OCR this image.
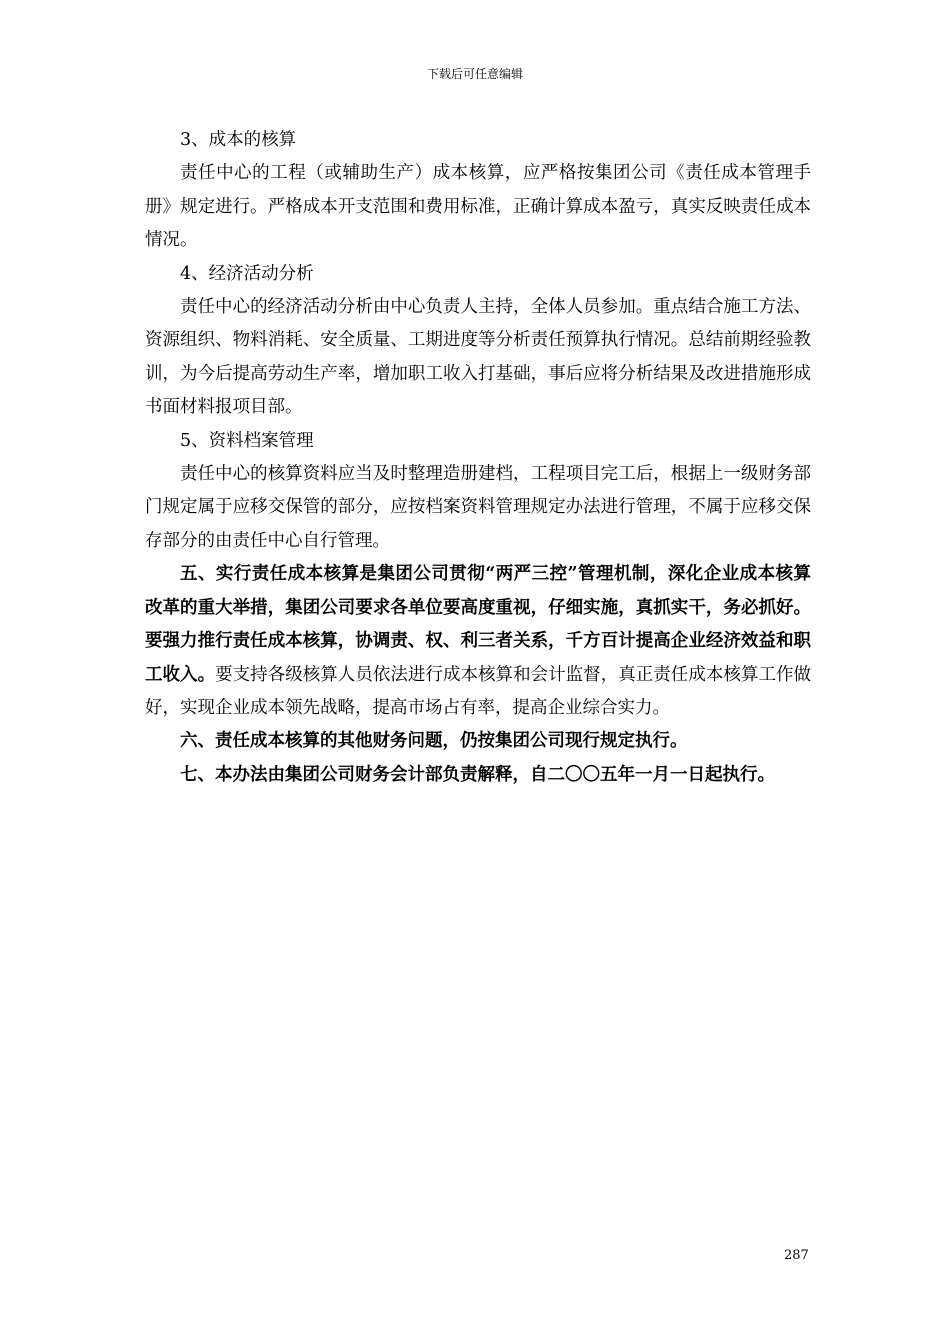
下载后可任意编辑

3、成本的核算

责任中心的工程（或辅助生产）成本核算，应严格按集团公司《责任成本管理手册》规定进行。严格成本开支范围和费用标准，正确计算成本盈亏，真实反映责任成本情况。

4、经济活动分析

责任中心的经济活动分析由中心负责人主持，全体人员参加。重点结合施工方法、资源组织、物料消耗、安全质量、工期进度等分析责任预算执行情况。总结前期经验教训，为今后提高劳动生产率，增加职工收入打基础，事后应将分析结果及改进措施形成书面材料报项目部。

5、资料档案管理

责任中心的核算资料应当及时整理造册建档，工程项目完工后，根据上一级财务部门规定属于应移交保管的部分，应按档案资料管理规定办法进行管理，不属于应移交保存部分的由责任中心自行管理。

五、实行责任成本核算是集团公司贯彻“两严三控”管理机制，深化企业成本核算改革的重大举措，集团公司要求各单位要高度重视，仔细实施，真抓实干，务必抓好。要强力推行责任成本核算，协调责、权、利三者关系，千方百计提高企业经济效益和职工收入。要支持各级核算人员依法进行成本核算和会计监督，真正责任成本核算工作做好，实现企业成本领先战略，提高市场占有率，提高企业综合实力。

六、责任成本核算的其他财务问题，仍按集团公司现行规定执行。

七、本办法由集团公司财务会计部负责解释，自二〇〇五年一月一日起执行。

287
